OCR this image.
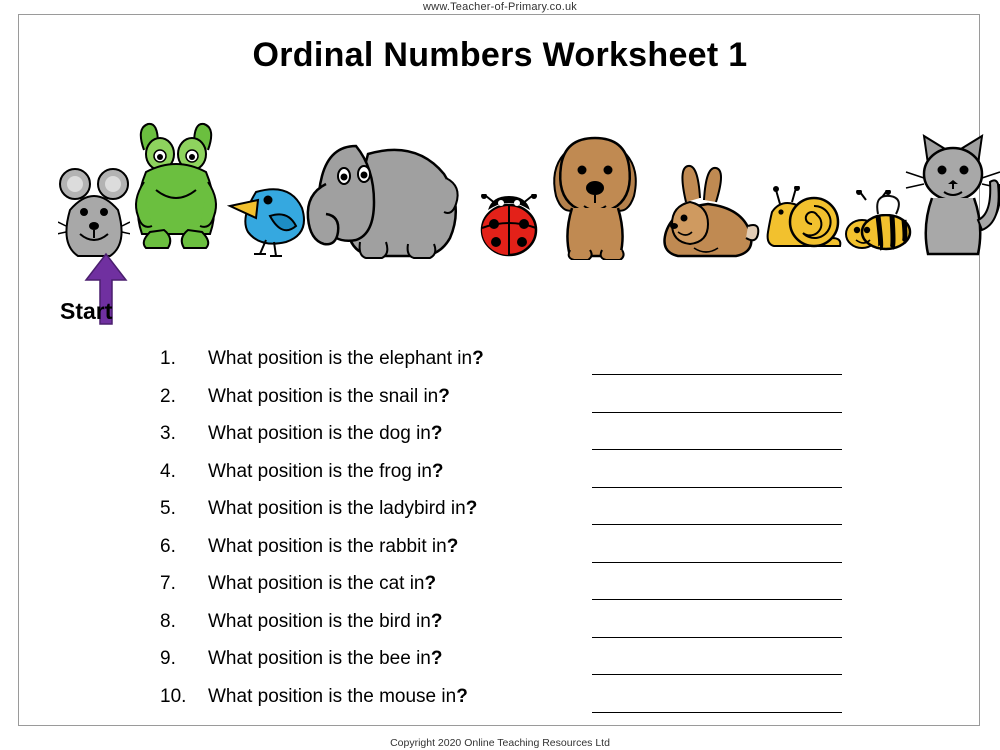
www.Teacher-of-Primary.co.uk
Ordinal Numbers Worksheet 1
Start
1.	What position is the elephant in?
2.	What position is the snail in?
3.	What position is the dog in?
4.	What position is the frog in?
5.	What position is the ladybird in?
6.	What position is the rabbit in?
7.	What position is the cat in?
8.	What position is the bird in?
9.	What position is the bee in?
10.	What position is the mouse in?
Copyright 2020 Online Teaching Resources Ltd
